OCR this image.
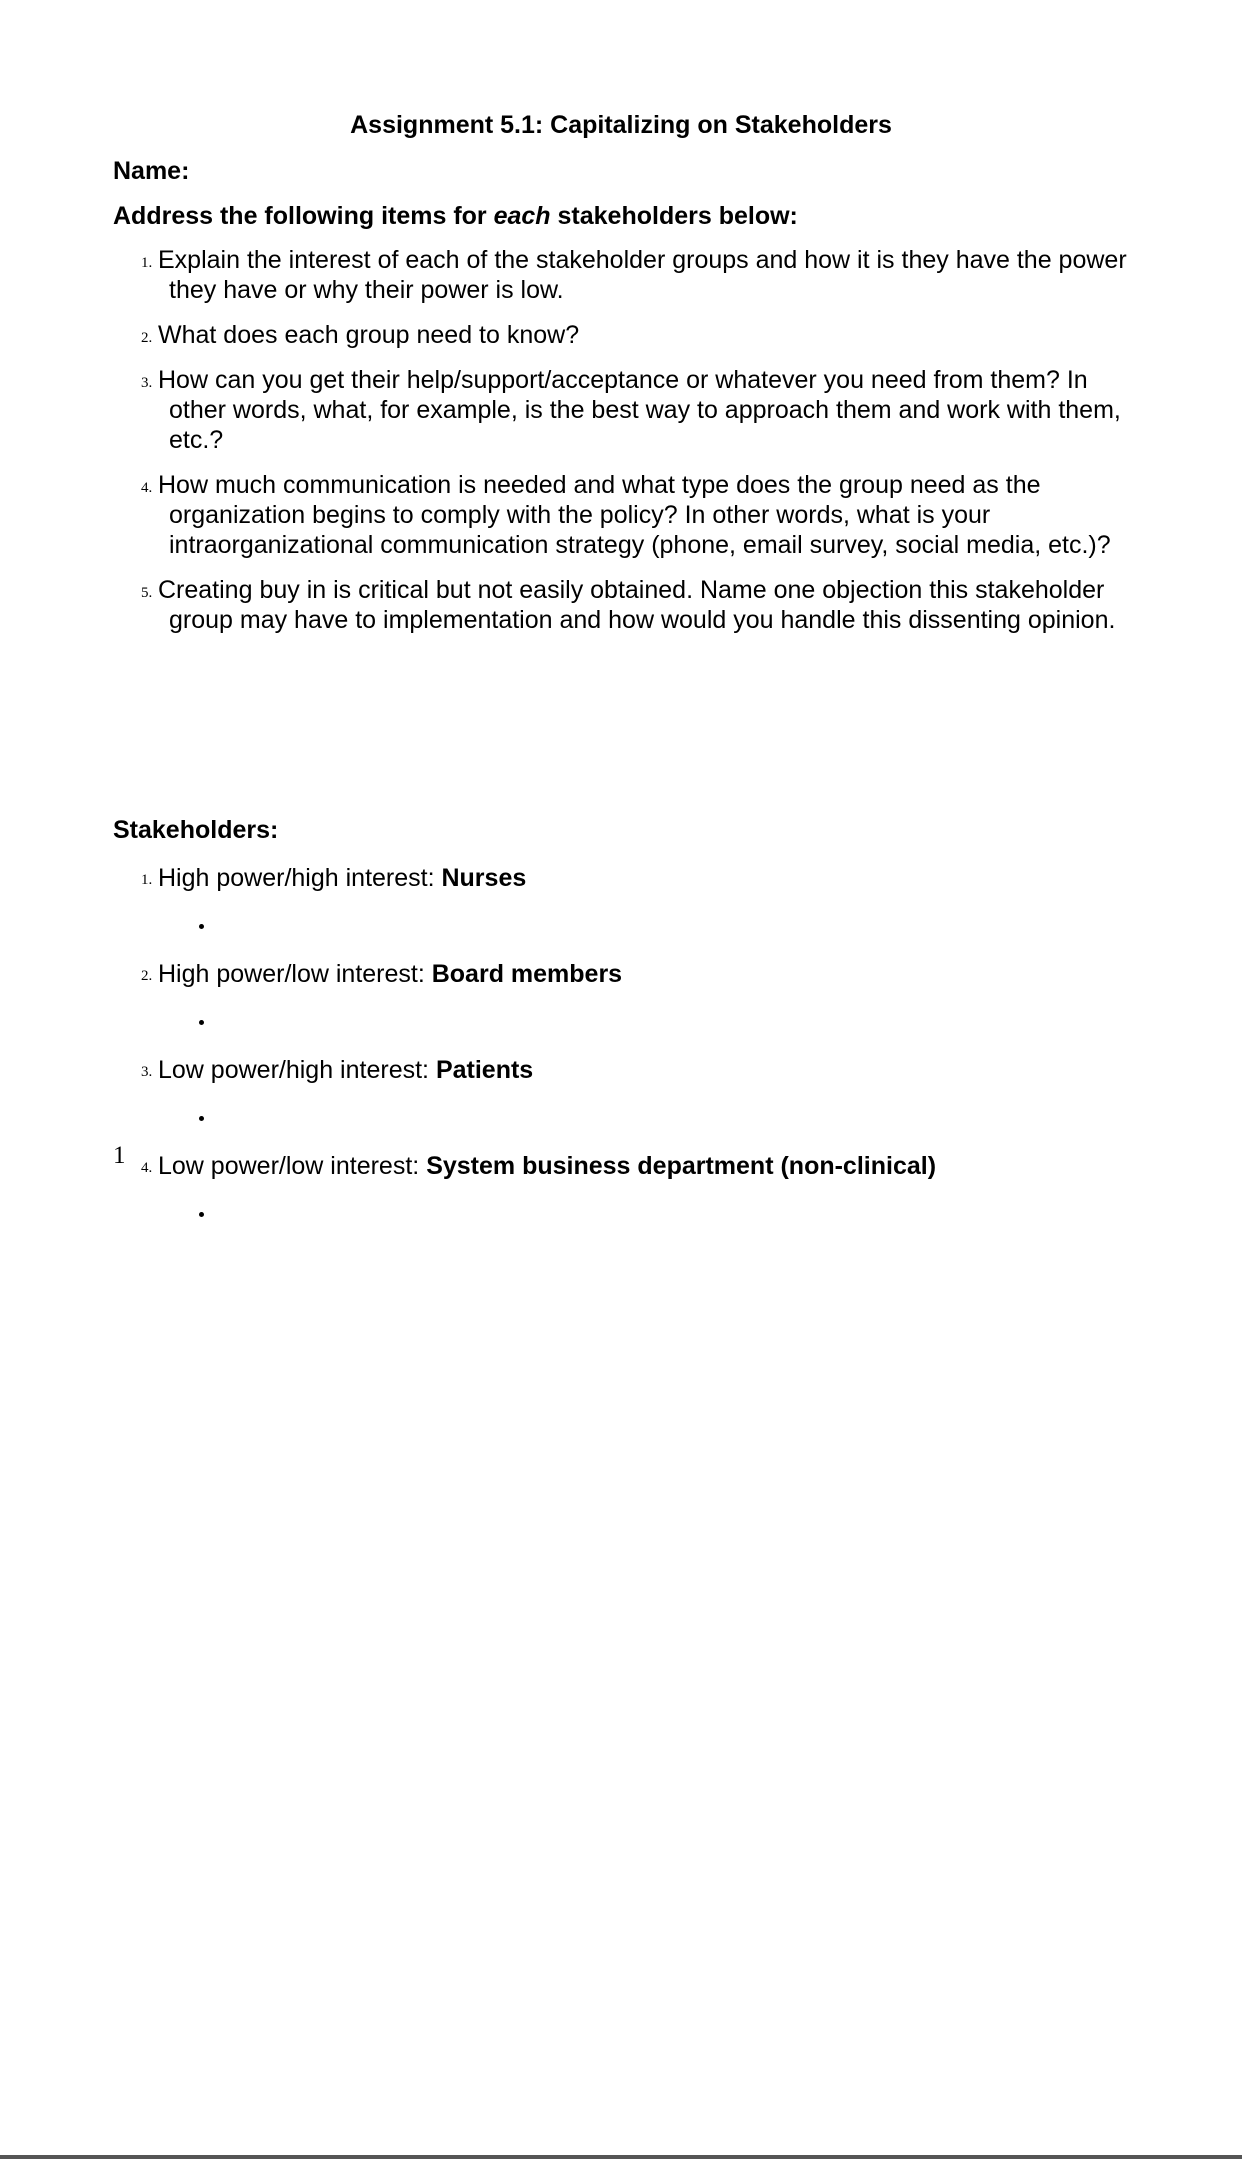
Assignment 5.1: Capitalizing on Stakeholders
Name:
Address the following items for each stakeholders below:
1. Explain the interest of each of the stakeholder groups and how it is they have the power they have or why their power is low.
2. What does each group need to know?
3. How can you get their help/support/acceptance or whatever you need from them? In other words, what, for example, is the best way to approach them and work with them, etc.?
4. How much communication is needed and what type does the group need as the organization begins to comply with the policy? In other words, what is your intraorganizational communication strategy (phone, email survey, social media, etc.)?
5. Creating buy in is critical but not easily obtained. Name one objection this stakeholder group may have to implementation and how would you handle this dissenting opinion.
Stakeholders:
1. High power/high interest: Nurses
2. High power/low interest: Board members
3. Low power/high interest: Patients
4. Low power/low interest: System business department (non-clinical)
1
